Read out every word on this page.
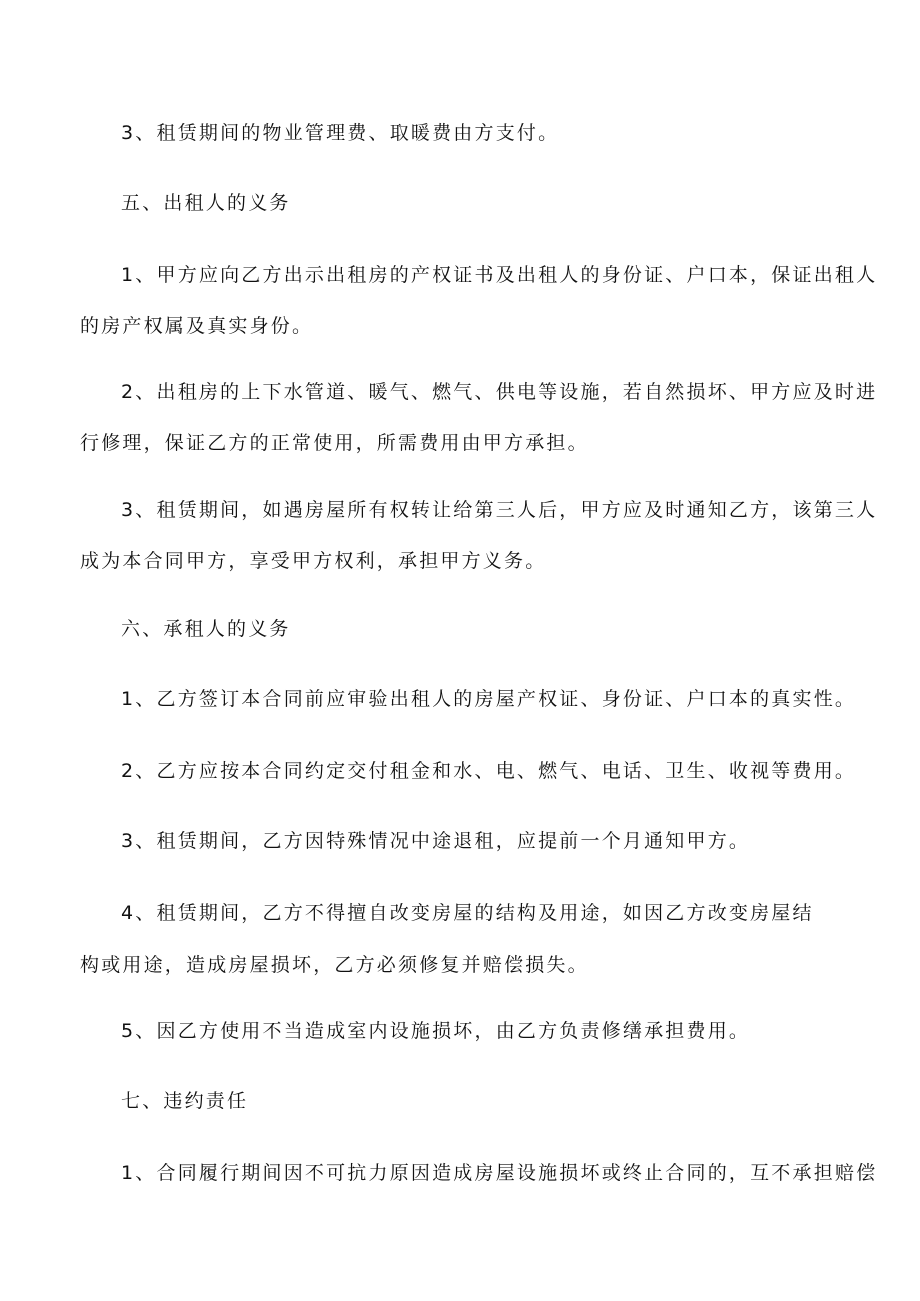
3、租赁期间的物业管理费、取暖费由方支付。

五、出租人的义务

1、甲方应向乙方出示出租房的产权证书及出租人的身份证、户口本，保证出租人

的房产权属及真实身份。

2、出租房的上下水管道、暖气、燃气、供电等设施，若自然损坏、甲方应及时进

行修理，保证乙方的正常使用，所需费用由甲方承担。

3、租赁期间，如遇房屋所有权转让给第三人后，甲方应及时通知乙方，该第三人

成为本合同甲方，享受甲方权利，承担甲方义务。

六、承租人的义务

1、乙方签订本合同前应审验出租人的房屋产权证、身份证、户口本的真实性。

2、乙方应按本合同约定交付租金和水、电、燃气、电话、卫生、收视等费用。

3、租赁期间，乙方因特殊情况中途退租，应提前一个月通知甲方。

4、租赁期间，乙方不得擅自改变房屋的结构及用途，如因乙方改变房屋结

构或用途，造成房屋损坏，乙方必须修复并赔偿损失。

5、因乙方使用不当造成室内设施损坏，由乙方负责修缮承担费用。

七、违约责任

1、合同履行期间因不可抗力原因造成房屋设施损坏或终止合同的，互不承担赔偿
